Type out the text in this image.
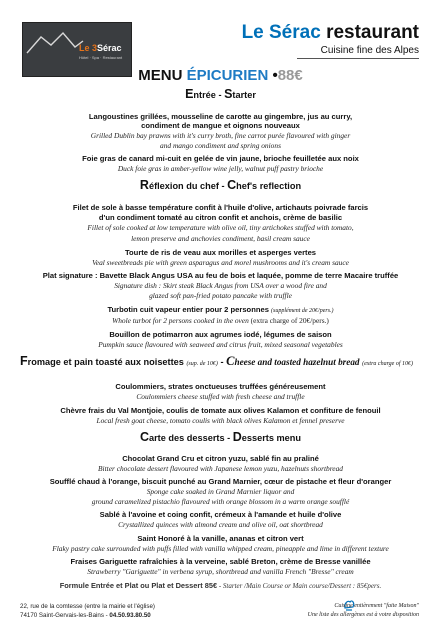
Le 3Sérac
Hôtel · Spa · Restaurant
Le Sérac restaurant
Cuisine fine des Alpes
MENU ÉPICURIEN •88€
Entrée - Starter
Langoustines grillées, mousseline de carotte au gingembre, jus au curry,
condiment de mangue et oignons nouveaux
Grilled Dublin bay prawns with it's curry broth, fine carrot purée flavoured with ginger
and mango condiment and spring onions
Foie gras de canard mi-cuit en gelée de vin jaune, brioche feuilletée aux noix
Duck foie gras in amber-yellow wine jelly, walnut puff pastry brioche
Réflexion du chef - Chef's reflection
Filet de sole à basse température confit à l'huile d'olive, artichauts poivrade farcis
d'un condiment tomaté au citron confit et anchois, crème de basilic
Fillet of sole cooked at low temperature with olive oil, tiny artichokes stuffed with tomato,
lemon preserve and anchovies condiment, basil cream sauce
Tourte de ris de veau aux morilles et asperges vertes
Veal sweetbreads pie with green asparagus and morel mushrooms and it's cream sauce
Plat signature : Bavette Black Angus USA au feu de bois et laquée, pomme de terre Macaire truffée
Signature dish : Skirt steak Black Angus from USA over a wood fire and
glazed soft pan-fried potato pancake with truffle
Turbotin cuit vapeur entier pour 2 personnes (supplément de 20€/pers.)
Whole turbot for 2 persons cooked in the oven (extra charge of 20€/pers.)
Bouillon de potimarron aux agrumes iodé, légumes de saison
Pumpkin sauce flavoured with seaweed and citrus fruit, mixed seasonal vegetables
Fromage et pain toasté aux noisettes (sup. de 10€) - Cheese and toasted hazelnut bread (extra charge of 10€)
Coulommiers, strates onctueuses truffées généreusement
Coulommiers cheese stuffed with fresh cheese and truffle
Chèvre frais du Val Montjoie, coulis de tomate aux olives Kalamon et confiture de fenouil
Local fresh goat cheese, tomato coulis with black olives Kalamon et fennel preserve
Carte des desserts - Desserts menu
Chocolat Grand Cru et citron yuzu, sablé fin au praliné
Bitter chocolate dessert flavoured with Japanese lemon yuzu, hazelnuts shortbread
Soufflé chaud à l'orange, biscuit punché au Grand Marnier, cœur de pistache et fleur d'oranger
Sponge cake soaked in Grand Marnier liquor and
ground caramelized pistachio flavoured with orange blossom in a warm orange soufflé
Sablé à l'avoine et coing confit, crémeux à l'amande et huile d'olive
Crystallized quinces with almond cream and olive oil, oat shortbread
Saint Honoré à la vanille, ananas et citron vert
Flaky pastry cake surrounded with puffs filled with vanilla whipped cream, pineapple and lime in different texture
Fraises Gariguette rafraîchies à la verveine, sablé Breton, crème de Bresse vanillée
Strawberry "Gariguette" in verbena syrup, shortbread and vanilla French "Bresse" cream
Formule Entrée et Plat ou Plat et Dessert 85€ - Starter /Main Course or Main course/Dessert : 85€pers.
22, rue de la comtesse (entre la mairie et l'église)
74170 Saint-Gervais-les-Bains - 04.50.93.80.50
Cuisine entièrement "faite Maison"
Une liste des allergènes est à votre disposition
